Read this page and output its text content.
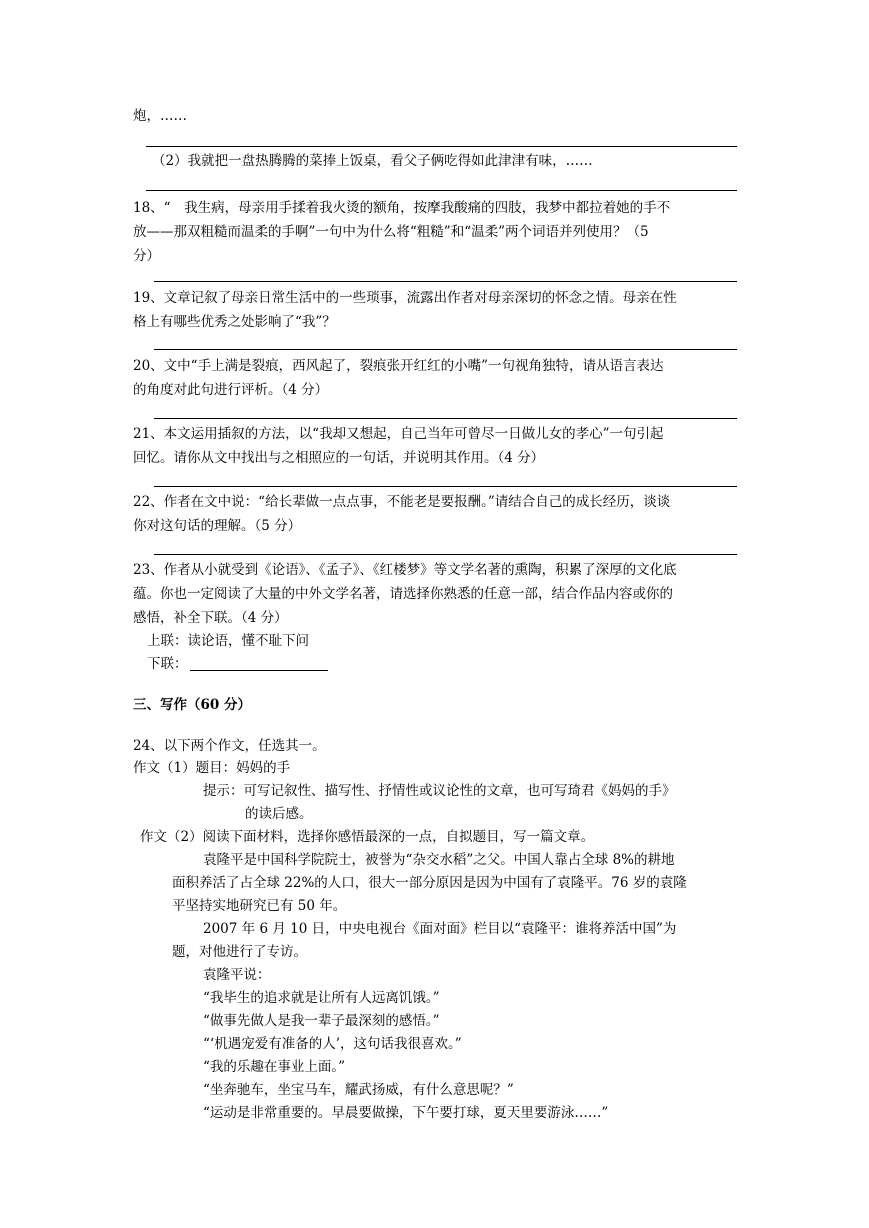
炮，……
（2）我就把一盘热腾腾的菜捧上饭桌，看父子俩吃得如此津津有味，……
18、“　我生病，母亲用手揉着我火烫的额角，按摩我酸痛的四肢，我梦中都拉着她的手不
放——那双粗糙而温柔的手啊”一句中为什么将“粗糙”和“温柔”两个词语并列使用？（5
分）
19、文章记叙了母亲日常生活中的一些琐事，流露出作者对母亲深切的怀念之情。母亲在性
格上有哪些优秀之处影响了“我”？
20、文中“手上满是裂痕，西风起了，裂痕张开红红的小嘴”一句视角独特，请从语言表达
的角度对此句进行评析。（4 分）
21、本文运用插叙的方法，以“我却又想起，自己当年可曾尽一日做儿女的孝心”一句引起
回忆。请你从文中找出与之相照应的一句话，并说明其作用。（4 分）
22、作者在文中说：“给长辈做一点点事，不能老是要报酬。”请结合自己的成长经历，谈谈
你对这句话的理解。（5 分）
23、作者从小就受到《论语》、《孟子》、《红楼梦》等文学名著的熏陶，积累了深厚的文化底
蕴。你也一定阅读了大量的中外文学名著，请选择你熟悉的任意一部，结合作品内容或你的
感悟，补全下联。（4 分）
上联：读论语，懂不耻下问
下联：
三、写作（60 分）
24、以下两个作文，任选其一。
作文（1）题目：妈妈的手
提示：可写记叙性、描写性、抒情性或议论性的文章，也可写琦君《妈妈的手》
的读后感。
作文（2）阅读下面材料，选择你感悟最深的一点，自拟题目，写一篇文章。
袁隆平是中国科学院院士，被誉为“杂交水稻”之父。中国人靠占全球 8%的耕地
面积养活了占全球 22%的人口，很大一部分原因是因为中国有了袁隆平。76 岁的袁隆
平坚持实地研究已有 50 年。
2007 年 6 月 10 日，中央电视台《面对面》栏目以“袁隆平：谁将养活中国”为
题，对他进行了专访。
袁隆平说：
“我毕生的追求就是让所有人远离饥饿。”
“做事先做人是我一辈子最深刻的感悟。”
“‘机遇宠爱有准备的人’，这句话我很喜欢。”
“我的乐趣在事业上面。”
“坐奔驰车，坐宝马车，耀武扬威，有什么意思呢？”
“运动是非常重要的。早晨要做操，下午要打球，夏天里要游泳……”
